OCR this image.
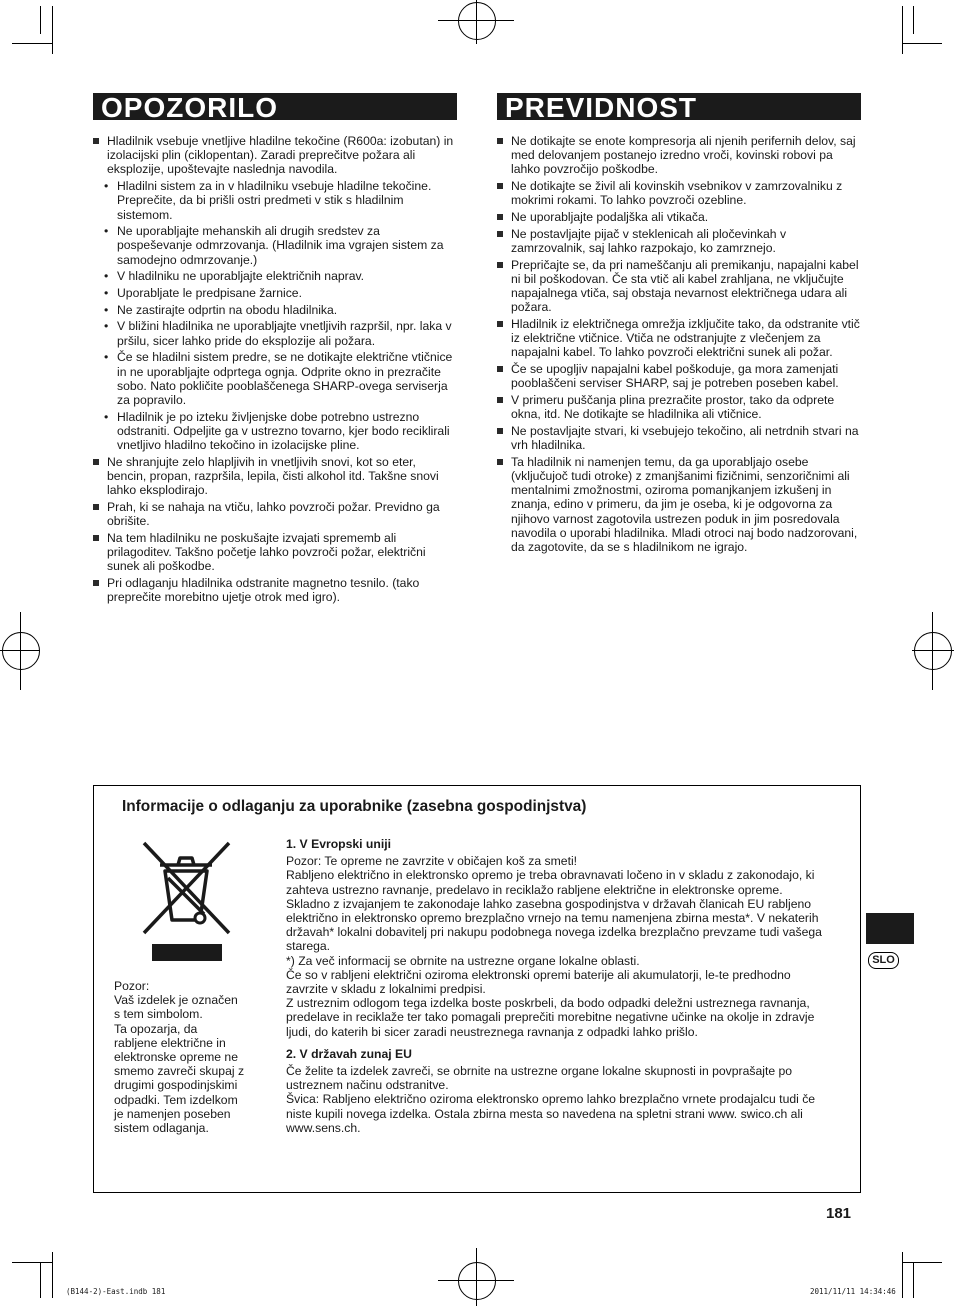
OPOZORILO
Hladilnik vsebuje vnetljive hladilne tekočine (R600a: izobutan) in izolacijski plin (ciklopentan). Zaradi preprečitve požara ali eksplozije, upoštevajte naslednja navodila.
• Hladilni sistem za in v hladilniku vsebuje hladilne tekočine. Preprečite, da bi prišli ostri predmeti v stik s hladilnim sistemom.
• Ne uporabljajte mehanskih ali drugih sredstev za pospeševanje odmrzovanja. (Hladilnik ima vgrajen sistem za samodejno odmrzovanje.)
• V hladilniku ne uporabljajte električnih naprav.
• Uporabljate le predpisane žarnice.
• Ne zastirajte odprtin na obodu hladilnika.
• V bližini hladilnika ne uporabljajte vnetljivih razpršil, npr. laka v pršilu, sicer lahko pride do eksplozije ali požara.
• Če se hladilni sistem predre, se ne dotikajte električne vtičnice in ne uporabljajte odprtega ognja. Odprite okno in prezračite sobo. Nato pokličite pooblaščenega SHARP-ovega serviserja za popravilo.
• Hladilnik je po izteku življenjske dobe potrebno ustrezno odstraniti. Odpeljite ga v ustrezno tovarno, kjer bodo reciklirali vnetljivo hladilno tekočino in izolacijske pline.
Ne shranjujte zelo hlapljivih in vnetljivih snovi, kot so eter, bencin, propan, razpršila, lepila, čisti alkohol itd. Takšne snovi lahko eksplodirajo.
Prah, ki se nahaja na vtiču, lahko povzroči požar. Previdno ga obrišite.
Na tem hladilniku ne poskušajte izvajati sprememb ali prilagoditev. Takšno početje lahko povzroči požar, električni sunek ali poškodbe.
Pri odlaganju hladilnika odstranite magnetno tesnilo. (tako preprečite morebitno ujetje otrok med igro).
PREVIDNOST
Ne dotikajte se enote kompresorja ali njenih perifernih delov, saj med delovanjem postanejo izredno vroči, kovinski robovi pa lahko povzročijo poškodbe.
Ne dotikajte se živil ali kovinskih vsebnikov v zamrzovalniku z mokrimi rokami. To lahko povzroči ozebline.
Ne uporabljajte podaljška ali vtikača.
Ne postavljajte pijač v steklenicah ali pločevinkah v zamrzovalnik, saj lahko razpokajo, ko zamrznejo.
Prepričajte se, da pri nameščanju ali premikanju, napajalni kabel ni bil poškodovan. Če sta vtič ali kabel zrahljana, ne vključujte napajalnega vtiča, saj obstaja nevarnost električnega udara ali požara.
Hladilnik iz električnega omrežja izklјučite tako, da odstranite vtič iz električne vtičnice. Vtiča ne odstranjujte z vlečenjem za napajalni kabel. To lahko povzroči električni sunek ali požar.
Če se upogljiv napajalni kabel poškoduje, ga mora zamenjati pooblaščeni serviser SHARP, saj je potreben poseben kabel.
V primeru puščanja plina prezračite prostor, tako da odprete okna, itd. Ne dotikajte se hladilnika ali vtičnice.
Ne postavljajte stvari, ki vsebujejo tekočino, ali netrdnih stvari na vrh hladilnika.
Ta hladilnik ni namenjen temu, da ga uporabljajo osebe (vključujoč tudi otroke) z zmanjšanimi fizičnimi, senzoričnimi ali mentalnimi zmožnostmi, oziroma pomanjkanjem izkušenj in znanja, edino v primeru, da jim je oseba, ki je odgovorna za njihovo varnost zagotovila ustrezen poduk in jim posredovala navodila o uporabi hladilnika. Mladi otroci naj bodo nadzorovani, da zagotovite, da se s hladilnikom ne igrajo.
Informacije o odlaganju za uporabnike (zasebna gospodinjstva)
Pozor:
Vaš izdelek je označen
s tem simbolom.
Ta opozarja, da
rabljene električne in
elektronske opreme ne
smemo zavreči skupaj z
drugimi gospodinjskimi
odpadki. Tem izdelkom
je namenjen poseben
sistem odlaganja.
1. V Evropski uniji
Pozor: Te opreme ne zavrzite v običajen koš za smeti!
Rabljeno električno in elektronsko opremo je treba obravnavati ločeno in v skladu z zakonodajo, ki zahteva ustrezno ravnanje, predelavo in reciklažo rabljene električne in elektronske opreme.
Skladno z izvajanjem te zakonodaje lahko zasebna gospodinjstva v državah članicah EU rabljeno električno in elektronsko opremo brezplačno vrnejo na temu namenjena zbirna mesta*. V nekaterih državah* lokalni dobavitelj pri nakupu podobnega novega izdelka brezplačno prevzame tudi vašega starega.
*) Za več informacij se obrnite na ustrezne organe lokalne oblasti.
Če so v rabljeni električni oziroma elektronski opremi baterije ali akumulatorji, le-te predhodno zavrzite v skladu z lokalnimi predpisi.
Z ustreznim odlogom tega izdelka boste poskrbeli, da bodo odpadki deležni ustreznega ravnanja, predelave in reciklaže ter tako pomagali preprečiti morebitne negativne učinke na okolje in zdravje ljudi, do katerih bi sicer zaradi neustreznega ravnanja z odpadki lahko prišlo.
2. V državah zunaj EU
Če želite ta izdelek zavreči, se obrnite na ustrezne organe lokalne skupnosti in povprašajte po ustreznem načinu odstranitve.
Švica: Rabljeno električno oziroma elektronsko opremo lahko brezplačno vrnete prodajalcu tudi če niste kupili novega izdelka. Ostala zbirna mesta so navedena na spletni strani www. swico.ch ali www.sens.ch.
SLO
181
(B144-2)-East.indb 181	2011/11/11 14:34:46
